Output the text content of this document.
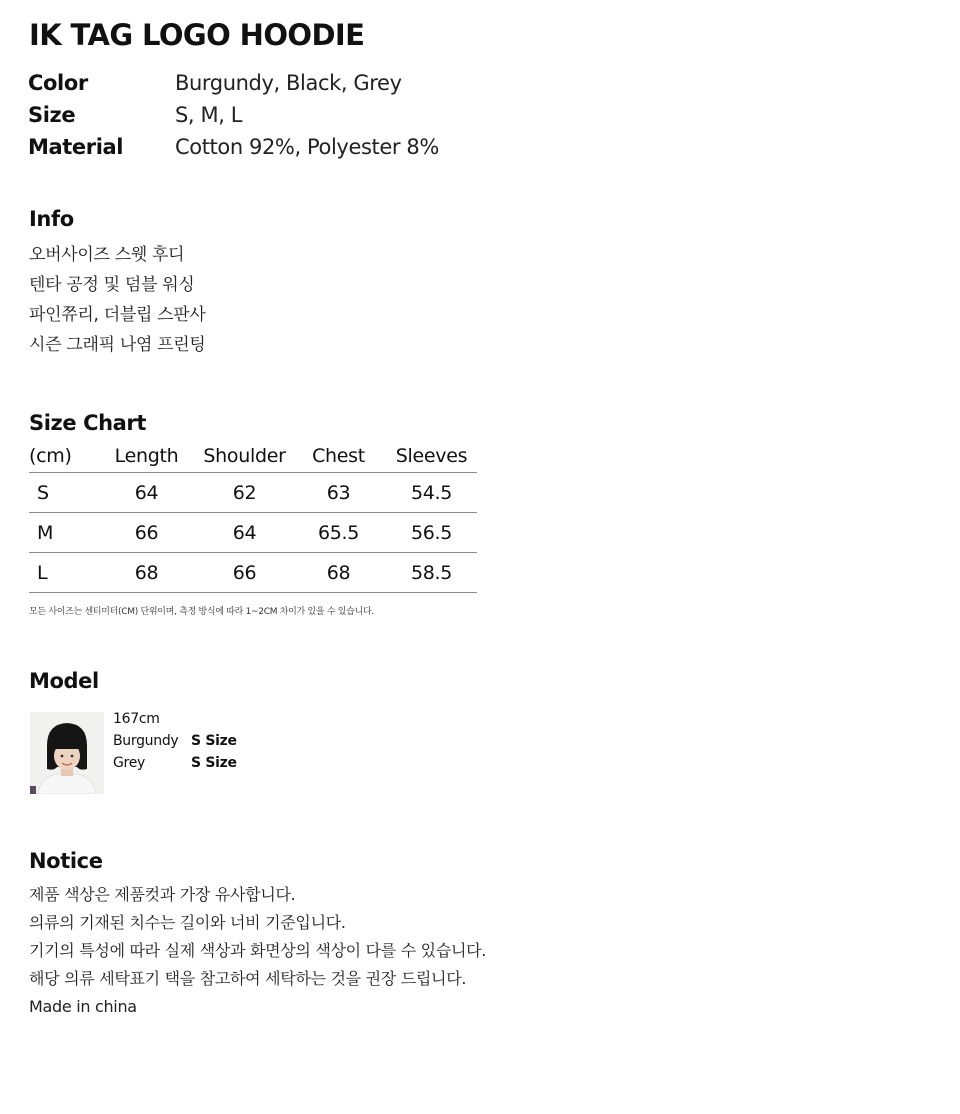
IK TAG LOGO HOODIE
Color	Burgundy, Black, Grey
Size	S, M, L
Material	Cotton 92%, Polyester 8%
Info
오버사이즈 스웻 후디
텐타 공정 및 덤블 워싱
파인쮸리, 더블립 스판사
시즌 그래픽 나염 프린팅
Size Chart
(cm)	Length	Shoulder	Chest	Sleeves
S	64	62	63	54.5
M	66	64	65.5	56.5
L	68	66	68	58.5

모든 사이즈는 센티미터(CM) 단위이며, 측정 방식에 따라 1~2CM 차이가 있을 수 있습니다.

Model
167cm
Burgundy S Size
Grey	S Size
Notice
제품 색상은 제품컷과 가장 유사합니다.
의류의 기재된 치수는 길이와 너비 기준입니다.
기기의 특성에 따라 실제 색상과 화면상의 색상이 다를 수 있습니다.
해당 의류 세탁표기 택을 참고하여 세탁하는 것을 권장 드립니다.
Made in china
